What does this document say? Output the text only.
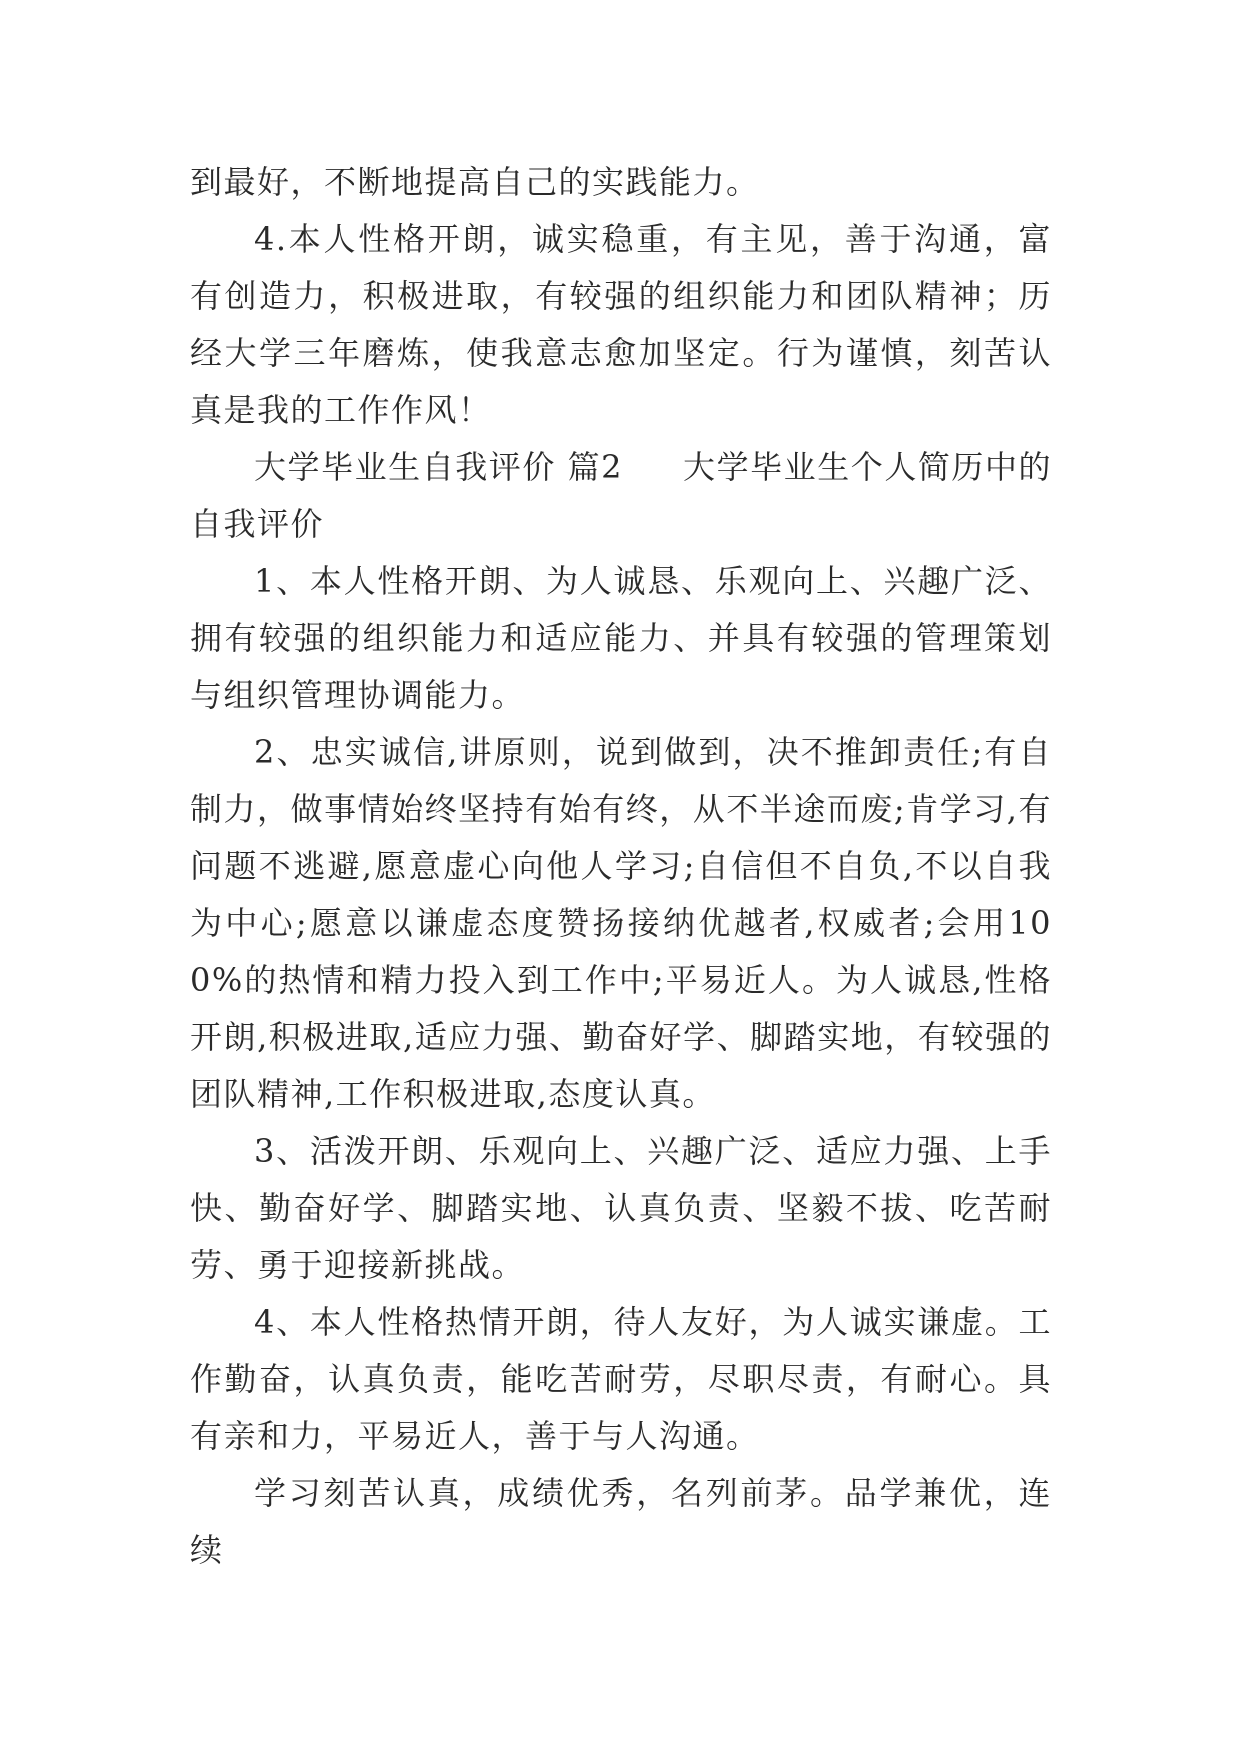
到最好，不断地提高自己的实践能力。

4.本人性格开朗，诚实稳重，有主见，善于沟通，富有创造力，积极进取，有较强的组织能力和团队精神；历经大学三年磨炼，使我意志愈加坚定。行为谨慎，刻苦认真是我的工作作风！

大学毕业生自我评价 篇2 大学毕业生个人简历中的自我评价

1、本人性格开朗、为人诚恳、乐观向上、兴趣广泛、拥有较强的组织能力和适应能力、并具有较强的管理策划与组织管理协调能力。

2、忠实诚信,讲原则，说到做到，决不推卸责任;有自制力，做事情始终坚持有始有终，从不半途而废;肯学习,有问题不逃避,愿意虚心向他人学习;自信但不自负,不以自我为中心;愿意以谦虚态度赞扬接纳优越者,权威者;会用100%的热情和精力投入到工作中;平易近人。为人诚恳,性格开朗,积极进取,适应力强、勤奋好学、脚踏实地，有较强的团队精神,工作积极进取,态度认真。

3、活泼开朗、乐观向上、兴趣广泛、适应力强、上手快、勤奋好学、脚踏实地、认真负责、坚毅不拔、吃苦耐劳、勇于迎接新挑战。

4、本人性格热情开朗，待人友好，为人诚实谦虚。工作勤奋，认真负责，能吃苦耐劳，尽职尽责，有耐心。具有亲和力，平易近人，善于与人沟通。

学习刻苦认真，成绩优秀，名列前茅。品学兼优，连续
